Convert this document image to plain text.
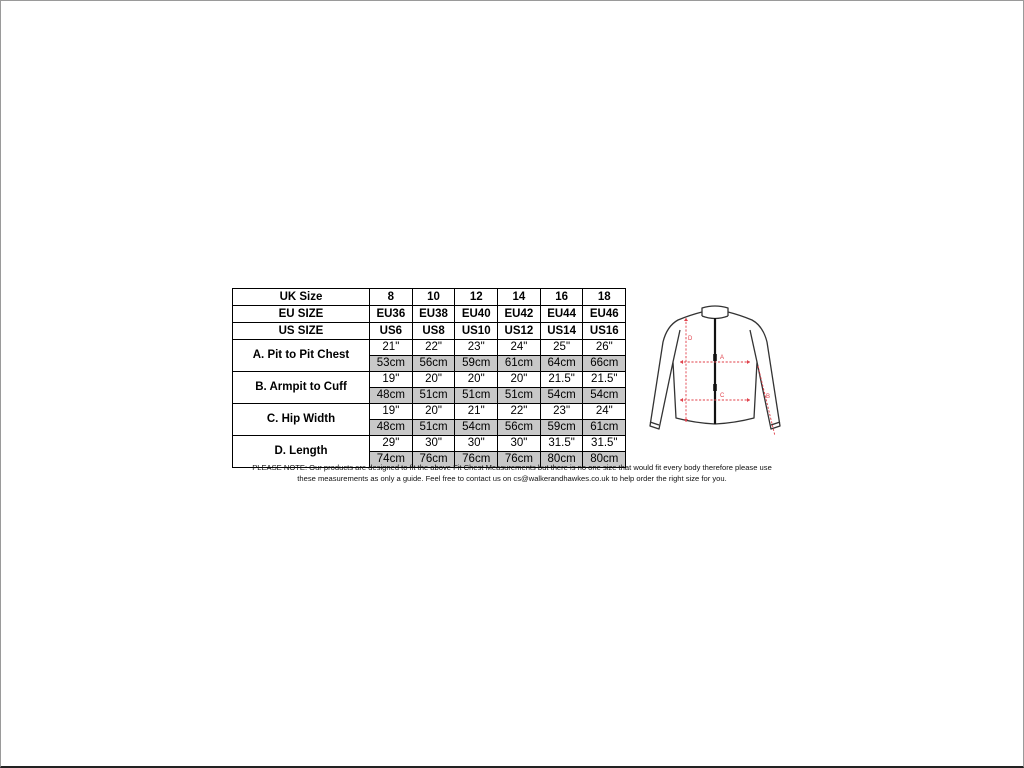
UK Size	8	10	12	14	16	18
EU SIZE	EU36	EU38	EU40	EU42	EU44	EU46
US SIZE	US6	US8	US10	US12	US14	US16
A. Pit to Pit Chest	21"	22"	23"	24"	25"	26"
	53cm	56cm	59cm	61cm	64cm	66cm
B. Armpit to Cuff	19"	20"	20"	20"	21.5"	21.5"
	48cm	51cm	51cm	51cm	54cm	54cm
C. Hip Width	19"	20"	21"	22"	23"	24"
	48cm	51cm	54cm	56cm	59cm	61cm
D. Length	29"	30"	30"	30"	31.5"	31.5"
	74cm	76cm	76cm	76cm	80cm	80cm
PLEASE NOTE: Our products are designed to fit the above Fit Chest Measurements but there is no one size that would fit every body therefore please use
these measurements as only a guide. Feel free to contact us on cs@walkerandhawkes.co.uk to help order the right size for you.
A
C
D
B
